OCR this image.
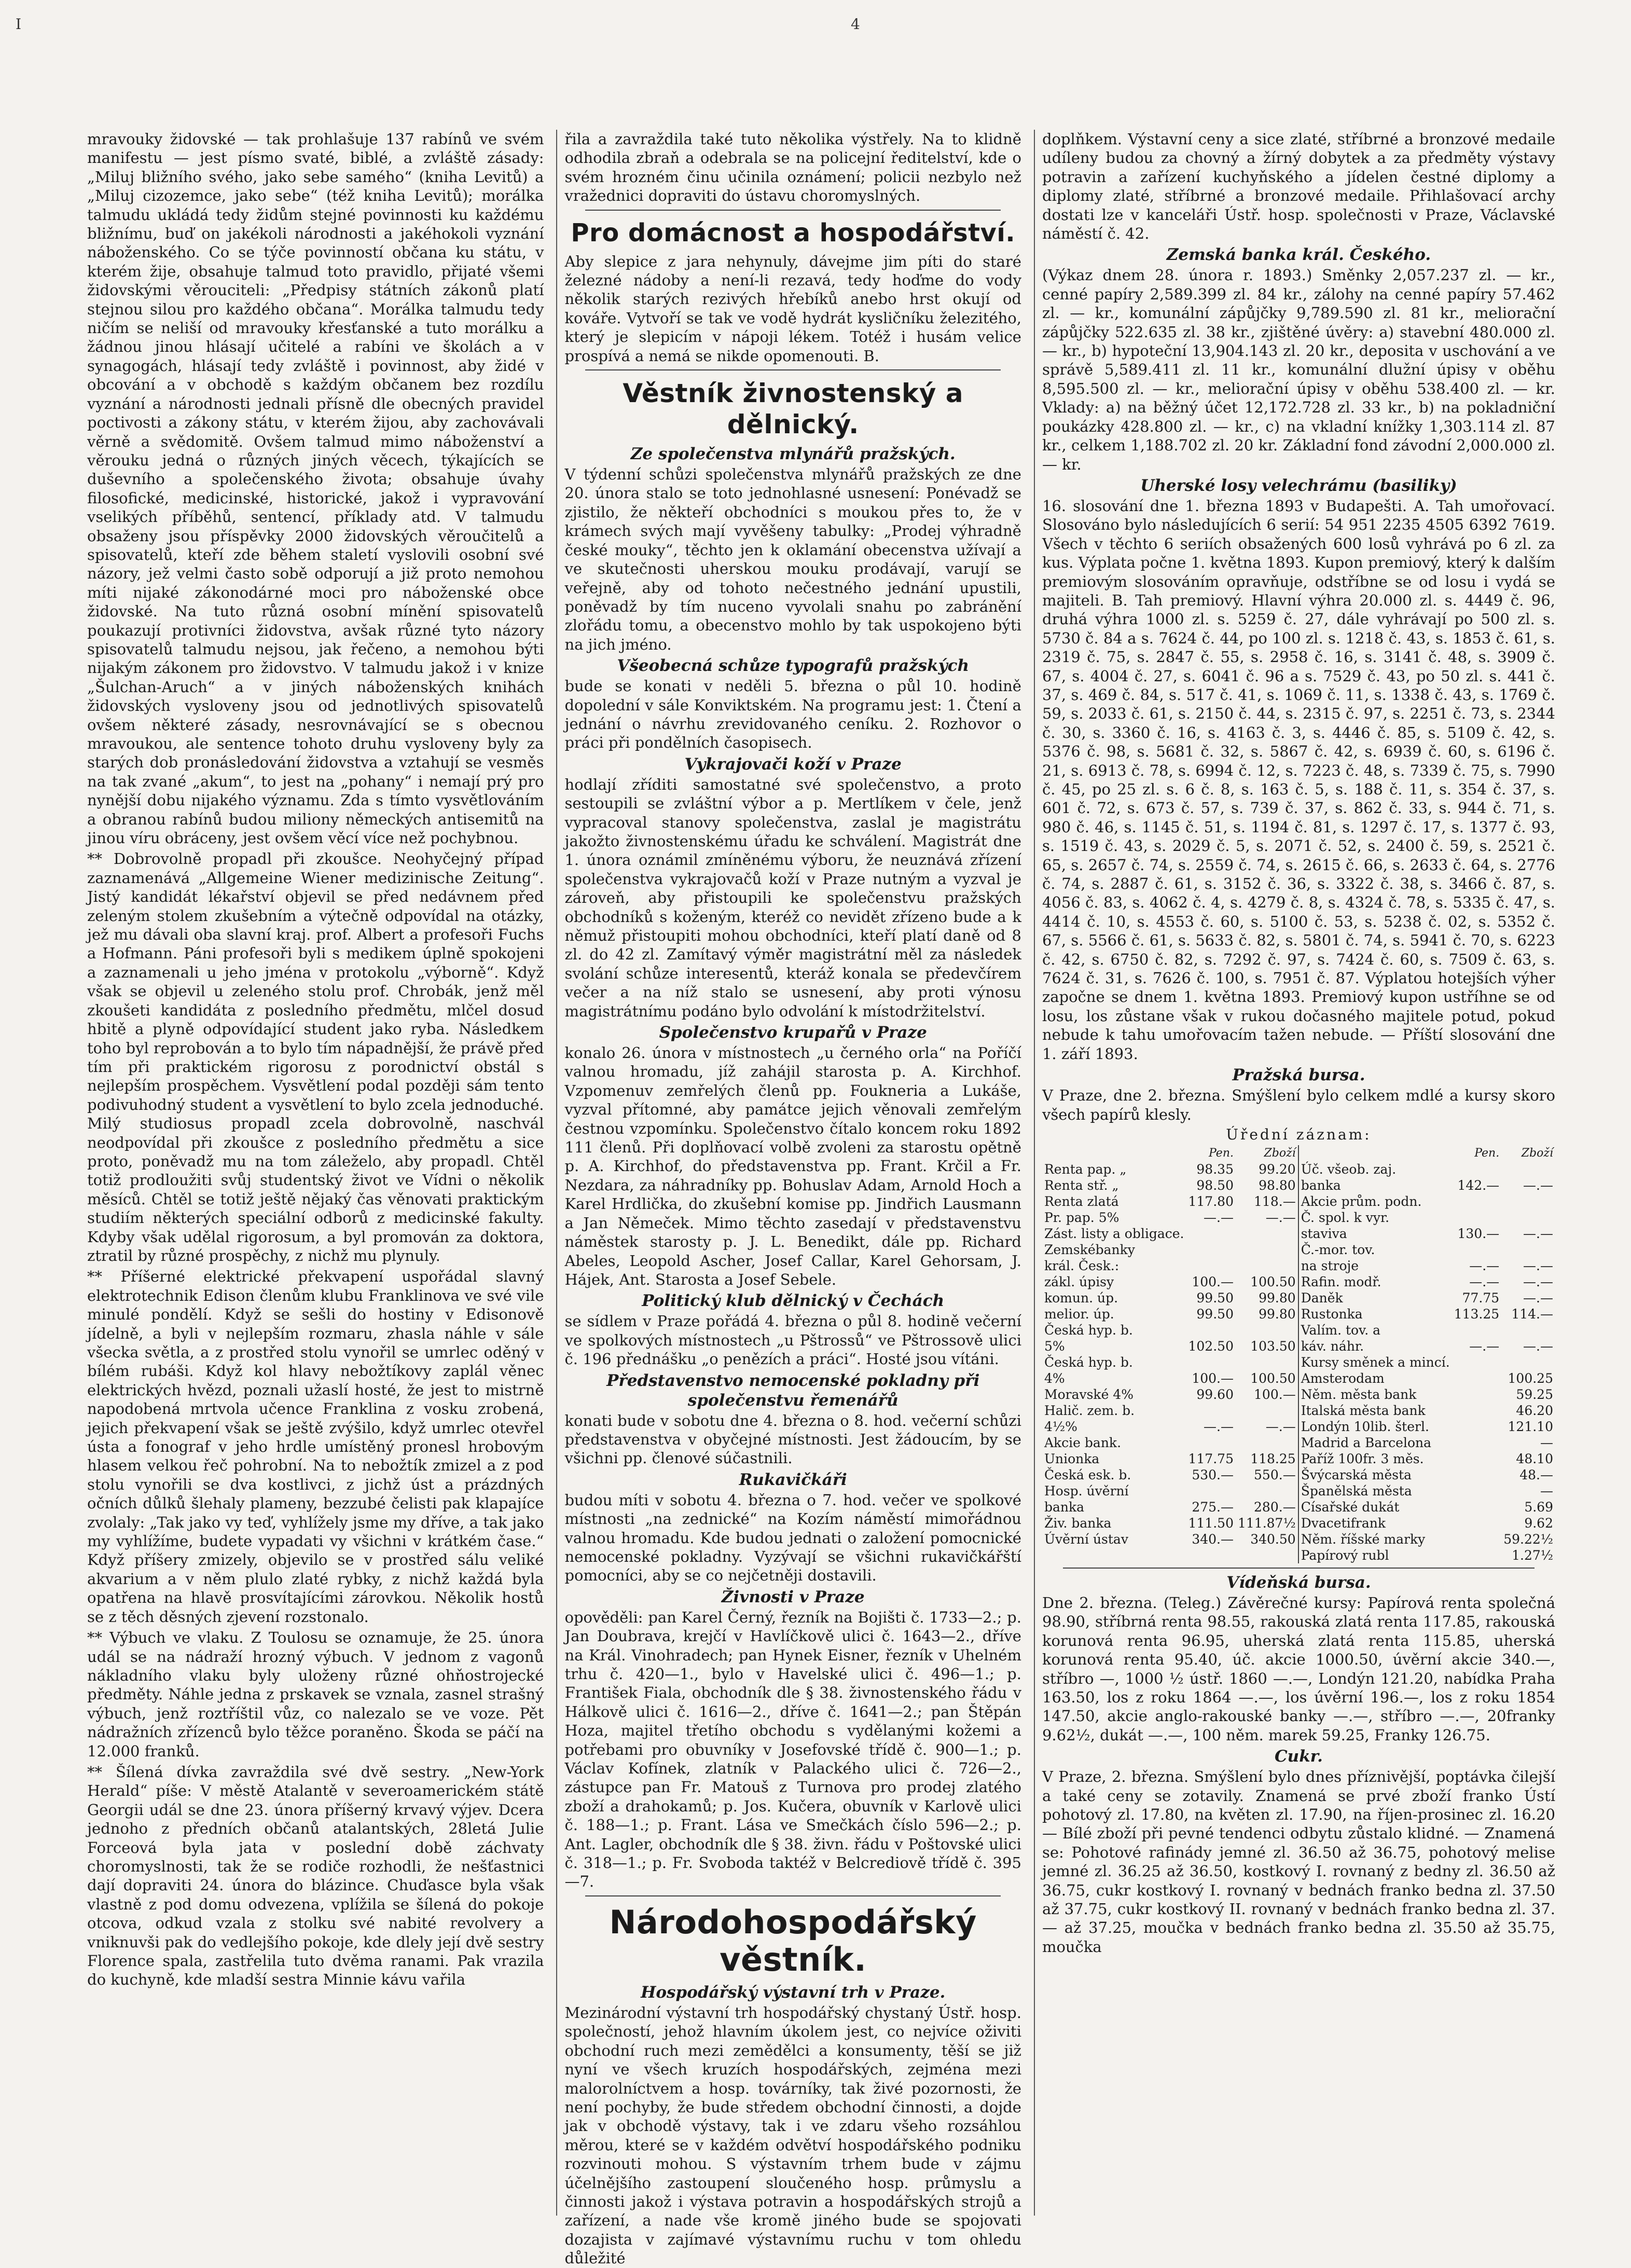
I	4

mravouky židovské — tak prohlašuje 137 rabínů ve svém manifestu — jest písmo svaté, biblé, a zvláště zásady: „Miluj bližního svého, jako sebe samého“ (kniha Levitů) a „Miluj cizozemce, jako sebe“ (též kniha Levitů); morálka talmudu ukládá tedy židům stejné povinnosti ku každému bližnímu, buď on jakékoli národnosti a jakéhokoli vyznání náboženského. Co se týče povinností občana ku státu, v kterém žije, obsahuje talmud toto pravidlo, přijaté všemi židovskými věrouciteli: „Předpisy státních zákonů platí stejnou silou pro každého občana“. Morálka talmudu tedy ničím se neliší od mravouky křesťanské a tuto morálku a žádnou jinou hlásají učitelé a rabíni ve školách a v synagogách, hlásají tedy zvláště i povinnost, aby židé v obcování a v obchodě s každým občanem bez rozdílu vyznání a národnosti jednali přísně dle obecných pravidel poctivosti a zákony státu, v kterém žijou, aby zachovávali věrně a svědomitě. Ovšem talmud mimo náboženství a věrouku jedná o různých jiných věcech, týkajících se duševního a společenského života; obsahuje úvahy filosofické, medicinské, historické, jakož i vypravování vselikých příběhů, sentencí, příklady atd. V talmudu obsaženy jsou příspěvky 2000 židovských věroučitelů a spisovatelů, kteří zde během staletí vyslovili osobní své názory, jež velmi často sobě odporují a již proto nemohou míti nijaké zákonodárné moci pro náboženské obce židovské. Na tuto různá osobní mínění spisovatelů poukazují protivníci židovstva, avšak různé tyto názory spisovatelů talmudu nejsou, jak řečeno, a nemohou býti nijakým zákonem pro židovstvo. V talmudu jakož i v knize „Šulchan-Aruch“ a v jiných náboženských knihách židovských vysloveny jsou od jednotlivých spisovatelů ovšem některé zásady, nesrovnávající se s obecnou mravoukou, ale sentence tohoto druhu vysloveny byly za starých dob pronásledování židovstva a vztahují se vesměs na tak zvané „akum“, to jest na „pohany“ i nemají prý pro nynější dobu nijakého významu. Zda s tímto vysvětlováním a obranou rabínů budou miliony německých antisemitů na jinou víru obráceny, jest ovšem věcí více než pochybnou.

** Dobrovolně propadl při zkoušce. Neohyčejný případ zaznamenává „Allgemeine Wiener medizinische Zeitung“. Jistý kandidát lékařství objevil se před nedávnem před zeleným stolem zkušebním a výtečně odpovídal na otázky, jež mu dávali oba slavní kraj. prof. Albert a profesoři Fuchs a Hofmann. Páni profesoři byli s medikem úplně spokojeni a zaznamenali u jeho jména v protokolu „výborně“. Když však se objevil u zeleného stolu prof. Chrobák, jenž měl zkoušeti kandidáta z posledního předmětu, mlčel dosud hbitě a plyně odpovídající student jako ryba. Následkem toho byl reprobován a to bylo tím nápadnější, že právě před tím při praktickém rigorosu z porodnictví obstál s nejlepším prospěchem. Vysvětlení podal později sám tento podivuhodný student a vysvětlení to bylo zcela jednoduché. Milý studiosus propadl zcela dobrovolně, naschvál neodpovídal při zkoušce z posledního předmětu a sice proto, poněvadž mu na tom záleželo, aby propadl. Chtěl totiž prodloužiti svůj studentský život ve Vídni o několik měsíců. Chtěl se totiž ještě nějaký čas věnovati praktickým studiím některých speciální odborů z medicinské fakulty. Kdyby však udělal rigorosum, a byl promován za doktora, ztratil by různé prospěchy, z nichž mu plynuly.

** Příšerné elektrické překvapení uspořádal slavný elektrotechnik Edison členům klubu Franklinova ve své vile minulé pondělí. Když se sešli do hostiny v Edisonově jídelně, a byli v nejlepším rozmaru, zhasla náhle v sále všecka světla, a z prostřed stolu vynořil se umrlec oděný v bílém rubáši. Když kol hlavy nebožtíkovy zaplál věnec elektrických hvězd, poznali užaslí hosté, že jest to mistrně napodobená mrtvola učence Franklina z vosku zrobená, jejich překvapení však se ještě zvýšilo, když umrlec otevřel ústa a fonograf v jeho hrdle umístěný pronesl hrobovým hlasem velkou řeč pohrobní. Na to nebožtík zmizel a z pod stolu vynořili se dva kostlivci, z jichž úst a prázdných očních důlků šlehaly plameny, bezzubé čelisti pak klapajíce zvolaly: „Tak jako vy teď, vyhlížely jsme my dříve, a tak jako my vyhlížíme, budete vypadati vy všichni v krátkém čase.“ Když příšery zmizely, objevilo se v prostřed sálu veliké akvarium a v něm plulo zlaté rybky, z nichž každá byla opatřena na hlavě prosvítajícími zárovkou. Několik hostů se z těch děsných zjevení rozstonalo.

** Výbuch ve vlaku. Z Toulosu se oznamuje, že 25. února udál se na nádraží hrozný výbuch. V jednom z vagonů nákladního vlaku byly uloženy různé ohňostrojecké předměty. Náhle jedna z prskavek se vznala, zasnel strašný výbuch, jenž roztříštil vůz, co nalezalo se ve voze. Pět nádražních zřízenců bylo těžce poraněno. Škoda se páčí na 12.000 franků.

** Šílená dívka zavraždila své dvě sestry. „New-York Herald“ píše: V městě Atalantě v severoamerickém státě Georgii udál se dne 23. února příšerný krvavý výjev. Dcera jednoho z předních občanů atalantských, 28letá Julie Forceová byla jata v poslední době záchvaty choromyslnosti, tak že se rodiče rozhodli, že nešťastnici dají dopraviti 24. února do blázince. Chuďasce byla však vlastně z pod domu odvezena, vplížila se šílená do pokoje otcova, odkud vzala z stolku své nabité revolvery a vniknuvši pak do vedlejšího pokoje, kde dlely její dvě sestry Florence spala, zastřelila tuto dvěma ranami. Pak vrazila do kuchyně, kde mladší sestra Minnie kávu vařila

řila a zavraždila také tuto několika výstřely. Na to klidně odhodila zbraň a odebrala se na policejní ředitelství, kde o svém hrozném činu učinila oznámení; policii nezbylo než vražednici dopraviti do ústavu choromyslných.

Pro domácnost a hospodářství.

Aby slepice z jara nehynuly, dávejme jim píti do staré železné nádoby a není-li rezavá, tedy hoďme do vody několik starých rezivých hřebíků anebo hrst okují od kováře. Vytvoří se tak ve vodě hydrát kysličníku železitého, který je slepicím v nápoji lékem. Totéž i husám velice prospívá a nemá se nikde opomenouti. B.

Věstník živnostenský a dělnický.
Ze společenstva mlynářů pražských.

V týdenní schůzi společenstva mlynářů pražských ze dne 20. února stalo se toto jednohlasné usnesení: Ponévadž se zjistilo, že někteří obchodníci s moukou přes to, že v krámech svých mají vyvěšeny tabulky: „Prodej výhradně české mouky“, těchto jen k oklamání obecenstva užívají a ve skutečnosti uherskou mouku prodávají, varují se veřejně, aby od tohoto nečestného jednání upustili, poněvadž by tím nuceno vyvolali snahu po zabránění zlořádu tomu, a obecenstvo mohlo by tak uspokojeno býti na jich jméno.

Všeobecná schůze typografů pražských

bude se konati v neděli 5. března o půl 10. hodině dopolední v sále Konviktském. Na programu jest: 1. Čtení a jednání o návrhu zrevidovaného ceníku. 2. Rozhovor o práci při pondělních časopisech.

Vykrajovači koží v Praze

hodlají zříditi samostatné své společenstvo, a proto sestoupili se zvláštní výbor a p. Mertlíkem v čele, jenž vypracoval stanovy společenstva, zaslal je magistrátu jakožto živnostenskému úřadu ke schválení. Magistrát dne 1. února oznámil zmíněnému výboru, že neuznává zřízení společenstva vykrajovačů koží v Praze nutným a vyzval je zároveň, aby přistoupili ke společenstvu pražských obchodníků s koženým, kteréž co nevidět zřízeno bude a k němuž přistoupiti mohou obchodníci, kteří platí daně od 8 zl. do 42 zl. Zamítavý výměr magistrátní měl za následek svolání schůze interesentů, kteráž konala se předevčírem večer a na níž stalo se usnesení, aby proti výnosu magistrátnímu podáno bylo odvolání k místodržitelství.

Společenstvo krupařů v Praze

konalo 26. února v místnostech „u černého orla“ na Poříčí valnou hromadu, jíž zahájil starosta p. A. Kirchhof. Vzpomenuv zemřelých členů pp. Foukneria a Lukáše, vyzval přítomné, aby památce jejich věnovali zemřelým čestnou vzpomínku. Společenstvo čítalo koncem roku 1892 111 členů. Při doplňovací volbě zvoleni za starostu opětně p. A. Kirchhof, do představenstva pp. Frant. Krčil a Fr. Nezdara, za náhradníky pp. Bohuslav Adam, Arnold Hoch a Karel Hrdlička, do zkušební komise pp. Jindřich Lausmann a Jan Němeček. Mimo těchto zasedají v představenstvu náměstek starosty p. J. L. Benedikt, dále pp. Richard Abeles, Leopold Ascher, Josef Callar, Karel Gehorsam, J. Hájek, Ant. Starosta a Josef Sebele.

Politický klub dělnický v Čechách

se sídlem v Praze pořádá 4. března o půl 8. hodině večerní ve spolkových místnostech „u Pštrossů“ ve Pštrossově ulici č. 196 přednášku „o penězích a práci“. Hosté jsou vítáni.

Představenstvo nemocenské pokladny při společenstvu řemenářů

konati bude v sobotu dne 4. března o 8. hod. večerní schůzi představenstva v obyčejné místnosti. Jest žádoucím, by se všichni pp. členové súčastnili.

Rukavičkáři

budou míti v sobotu 4. března o 7. hod. večer ve spolkové místnosti „na zednické“ na Kozím náměstí mimořádnou valnou hromadu. Kde budou jednati o založení pomocnické nemocenské pokladny. Vyzývají se všichni rukavičkářští pomocníci, aby se co nejčetněji dostavili.

Živnosti v Praze

opověděli: pan Karel Černý, řezník na Bojišti č. 1733—2.; p. Jan Doubrava, krejčí v Havlíčkově ulici č. 1643—2., dříve na Král. Vinohradech; pan Hynek Eisner, řezník v Uhelném trhu č. 420—1., bylo v Havelské ulici č. 496—1.; p. František Fiala, obchodník dle § 38. živnostenského řádu v Hálkově ulici č. 1616—2., dříve č. 1641—2.; pan Štěpán Hoza, majitel třetího obchodu s vydělanými kožemi a potřebami pro obuvníky v Josefovské třídě č. 900—1.; p. Václav Kofínek, zlatník v Palackého ulici č. 726—2., zástupce pan Fr. Matouš z Turnova pro prodej zlatého zboží a drahokamů; p. Jos. Kučera, obuvník v Karlově ulici č. 188—1.; p. Frant. Lása ve Smečkách číslo 596—2.; p. Ant. Lagler, obchodník dle § 38. živn. řádu v Poštovské ulici č. 318—1.; p. Fr. Svoboda taktéž v Belcrediově třídě č. 395—7.

Národohospodářský věstník.
Hospodářský výstavní trh v Praze.

Mezinárodní výstavní trh hospodářský chystaný Ústř. hosp. společností, jehož hlavním úkolem jest, co nejvíce oživiti obchodní ruch mezi zemědělci a konsumenty, těší se již nyní ve všech kruzích hospodářských, zejména mezi malorolníctvem a hosp. továrníky, tak živé pozornosti, že není pochyby, že bude středem obchodní činnosti, a dojde jak v obchodě výstavy, tak i ve zdaru všeho rozsáhlou měrou, které se v každém odvětví hospodářského podniku rozvinouti mohou. S výstavním trhem bude v zájmu účelnějšího zastoupení sloučeného hosp. průmyslu a činnosti jakož i výstava potravin a hospodářských strojů a zařízení, a nade vše kromě jiného bude se spojovati dozajista v zajímavé výstavnímu ruchu v tom ohledu důležité

doplňkem. Výstavní ceny a sice zlaté, stříbrné a bronzové medaile udíleny budou za chovný a žírný dobytek a za předměty výstavy potravin a zařízení kuchyňského a jídelen čestné diplomy a diplomy zlaté, stříbrné a bronzové medaile. Přihlašovací archy dostati lze v kanceláři Ústř. hosp. společnosti v Praze, Václavské náměstí č. 42.

Zemská banka král. Českého.

(Výkaz dnem 28. února r. 1893.) Směnky 2,057.237 zl. — kr., cenné papíry 2,589.399 zl. 84 kr., zálohy na cenné papíry 57.462 zl. — kr., komunální zápůjčky 9,789.590 zl. 81 kr., meliorační zápůjčky 522.635 zl. 38 kr., zjištěné úvěry: a) stavební 480.000 zl. — kr., b) hypoteční 13,904.143 zl. 20 kr., deposita v uschování a ve správě 5,589.411 zl. 11 kr., komunální dlužní úpisy v oběhu 8,595.500 zl. — kr., meliorační úpisy v oběhu 538.400 zl. — kr. Vklady: a) na běžný účet 12,172.728 zl. 33 kr., b) na pokladniční poukázky 428.800 zl. — kr., c) na vkladní knížky 1,303.114 zl. 87 kr., celkem 1,188.702 zl. 20 kr. Základní fond závodní 2,000.000 zl. — kr.

Uherské losy velechrámu (basiliky)

16. slosování dne 1. března 1893 v Budapešti. A. Tah umořovací. Slosováno bylo následujících 6 serií: 54 951 2235 4505 6392 7619. Všech v těchto 6 seriích obsažených 600 losů vyhrává po 6 zl. za kus. Výplata počne 1. května 1893. Kupon premiový, který k dalším premiovým slosováním opravňuje, odstříbne se od losu i vydá se majiteli. B. Tah premiový. Hlavní výhra 20.000 zl. s. 4449 č. 96, druhá výhra 1000 zl. s. 5259 č. 27, dále vyhrávají po 500 zl. s. 5730 č. 84 a s. 7624 č. 44, po 100 zl. s. 1218 č. 43, s. 1853 č. 61, s. 2319 č. 75, s. 2847 č. 55, s. 2958 č. 16, s. 3141 č. 48, s. 3909 č. 67, s. 4004 č. 27, s. 6041 č. 96 a s. 7529 č. 43, po 50 zl. s. 441 č. 37, s. 469 č. 84, s. 517 č. 41, s. 1069 č. 11, s. 1338 č. 43, s. 1769 č. 59, s. 2033 č. 61, s. 2150 č. 44, s. 2315 č. 97, s. 2251 č. 73, s. 2344 č. 30, s. 3360 č. 16, s. 4163 č. 3, s. 4446 č. 85, s. 5109 č. 42, s. 5376 č. 98, s. 5681 č. 32, s. 5867 č. 42, s. 6939 č. 60, s. 6196 č. 21, s. 6913 č. 78, s. 6994 č. 12, s. 7223 č. 48, s. 7339 č. 75, s. 7990 č. 45, po 25 zl. s. 6 č. 8, s. 163 č. 5, s. 188 č. 11, s. 354 č. 37, s. 601 č. 72, s. 673 č. 57, s. 739 č. 37, s. 862 č. 33, s. 944 č. 71, s. 980 č. 46, s. 1145 č. 51, s. 1194 č. 81, s. 1297 č. 17, s. 1377 č. 93, s. 1519 č. 43, s. 2029 č. 5, s. 2071 č. 52, s. 2400 č. 59, s. 2521 č. 65, s. 2657 č. 74, s. 2559 č. 74, s. 2615 č. 66, s. 2633 č. 64, s. 2776 č. 74, s. 2887 č. 61, s. 3152 č. 36, s. 3322 č. 38, s. 3466 č. 87, s. 4056 č. 83, s. 4062 č. 4, s. 4279 č. 8, s. 4324 č. 78, s. 5335 č. 47, s. 4414 č. 10, s. 4553 č. 60, s. 5100 č. 53, s. 5238 č. 02, s. 5352 č. 67, s. 5566 č. 61, s. 5633 č. 82, s. 5801 č. 74, s. 5941 č. 70, s. 6223 č. 42, s. 6750 č. 82, s. 7292 č. 97, s. 7424 č. 60, s. 7509 č. 63, s. 7624 č. 31, s. 7626 č. 100, s. 7951 č. 87. Výplatou hotejších výher započne se dnem 1. května 1893. Premiový kupon ustříhne se od losu, los zůstane však v rukou dočasného majitele potud, pokud nebude k tahu umořovacím tažen nebude. — Příští slosování dne 1. září 1893.

Pražská bursa.

V Praze, dne 2. března. Smýšlení bylo celkem mdlé a kursy skoro všech papírů klesly.

Úřední záznam:
	Pen.	Zboží		Pen.	Zboží
Renta pap. „	98.35	99.20	Úč. všeob. zaj.		
Renta stř. „	98.50	98.80	banka	142.—	—.—
Renta zlatá	117.80	118.—	Akcie prům. podn.		
Pr. pap. 5%	—.—	—.—	Č. spol. k vyr.		
Zást. listy a obligace.			staviva	130.—	—.—
Zemskébanky			Č.-mor. tov.		
král. Česk.:			na stroje	—.—	—.—
zákl. úpisy	100.—	100.50	Rafin. modř.	—.—	—.—
komun. úp.	99.50	99.80	Daněk	77.75	—.—
melior. úp.	99.50	99.80	Rustonka	113.25	114.—
Česká hyp. b.			Valím. tov. a		
5%	102.50	103.50	káv. náhr.	—.—	—.—
Česká hyp. b.			Kursy směnek a mincí.		
4%	100.—	100.50	Amsterodam		100.25
Moravské 4%	99.60	100.—	Něm. města bank		59.25
Halič. zem. b.			Italská města bank		46.20
4½%	—.—	—.—	Londýn 10lib. šterl.		121.10
Akcie bank.			Madrid a Barcelona		—
Unionka	117.75	118.25	Paříž 100fr. 3 měs.		48.10
Česká esk. b.	530.—	550.—	Švýcarská města		48.—
Hosp. úvěrní			Španělská města		—
banka	275.—	280.—	Císařské dukát		5.69
Živ. banka	111.50	111.87½	Dvacetifrank		9.62
Úvěrní ústav	340.—	340.50	Něm. říšské marky		59.22½
			Papírový rubl		1.27½
Vídeňská bursa.

Dne 2. března. (Teleg.) Závěrečné kursy: Papírová renta společná 98.90, stříbrná renta 98.55, rakouská zlatá renta 117.85, rakouská korunová renta 96.95, uherská zlatá renta 115.85, uherská korunová renta 95.40, úč. akcie 1000.50, úvěrní akcie 340.—, stříbro —, 1000 ½ ústř. 1860 —.—, Londýn 121.20, nabídka Praha 163.50, los z roku 1864 —.—, los úvěrní 196.—, los z roku 1854 147.50, akcie anglo-rakouské banky —.—, stříbro —.—, 20franky 9.62½, dukát —.—, 100 něm. marek 59.25, Franky 126.75.

Cukr.

V Praze, 2. března. Smýšlení bylo dnes příznivější, poptávka čilejší a také ceny se zotavily. Znamená se prvé zboží franko Ústí pohotový zl. 17.80, na květen zl. 17.90, na říjen-prosinec zl. 16.20 — Bílé zboží při pevné tendenci odbytu zůstalo klidné. — Znamená se: Pohotové rafinády jemné zl. 36.50 až 36.75, pohotový melise jemné zl. 36.25 až 36.50, kostkový I. rovnaný z bedny zl. 36.50 až 36.75, cukr kostkový I. rovnaný v bednách franko bedna zl. 37.50 až 37.75, cukr kostkový II. rovnaný v bednách franko bedna zl. 37.— až 37.25, moučka v bednách franko bedna zl. 35.50 až 35.75, moučka
